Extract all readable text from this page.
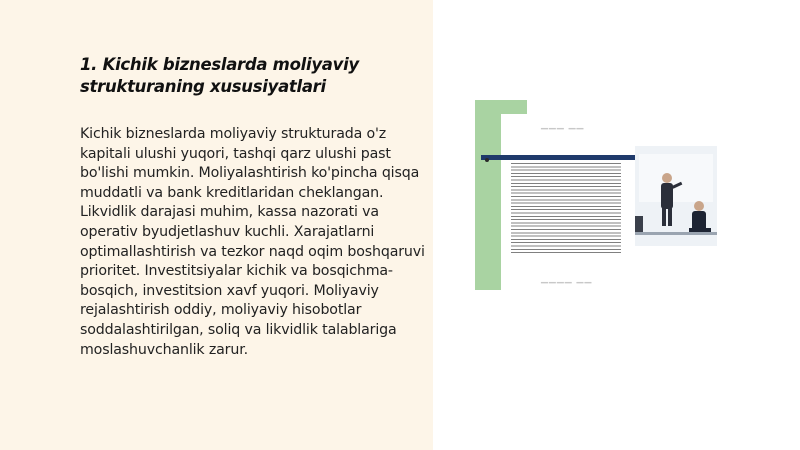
1. Kichik bizneslarda moliyaviy strukturaning xususiyatlari

Kichik bizneslarda moliyaviy strukturada o'z kapitali ulushi yuqori, tashqi qarz ulushi past bo'lishi mumkin. Moliyalashtirish ko'pincha qisqa muddatli va bank kreditlaridan cheklangan. Likvidlik darajasi muhim, kassa nazorati va operativ byudjetlashuv kuchli. Xarajatlarni optimallashtirish va tezkor naqd oqim boshqaruvi prioritet. Investitsiyalar kichik va bosqichma-bosqich, investitsion xavf yuqori. Moliyaviy rejalashtirish oddiy, moliyaviy hisobotlar soddalashtirilgan, soliq va likvidlik talablariga moslashuvchanlik zarur.

▁▁▁ ▁▁
▁▁▁▁ ▁▁
